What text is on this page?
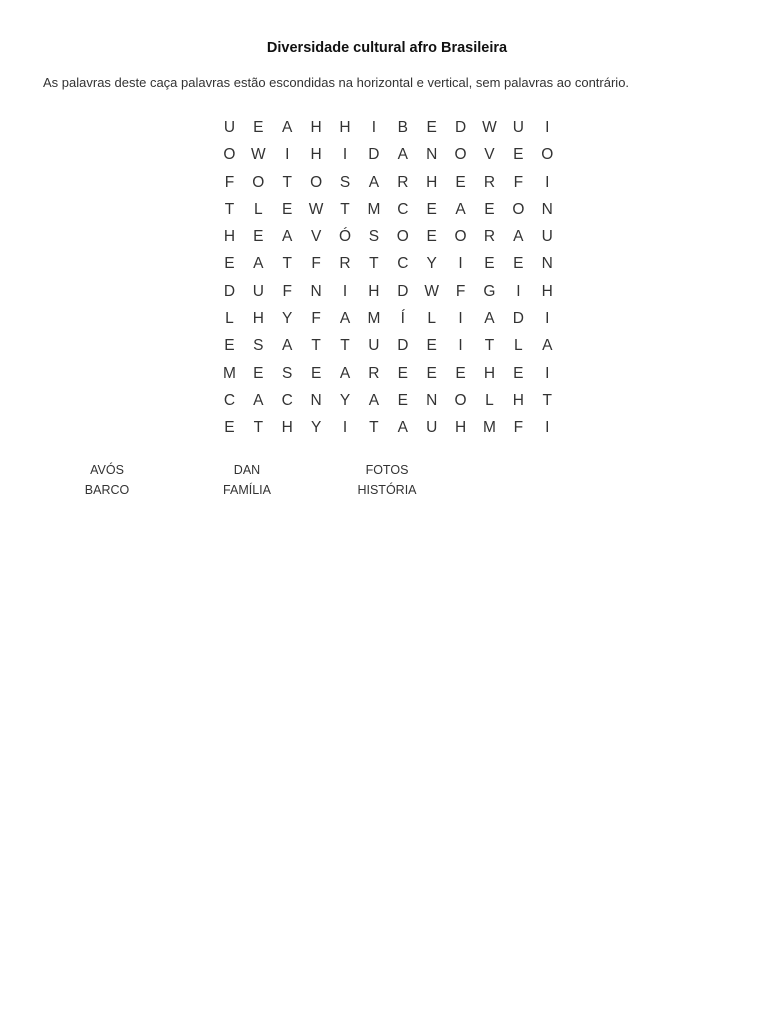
Diversidade cultural afro Brasileira
As palavras deste caça palavras estão escondidas na horizontal e vertical, sem palavras ao contrário.
U	E	A	H	H	I	B	E	D	W	U	I
O	W	I	H	I	D	A	N	O	V	E	O
F	O	T	O	S	A	R	H	E	R	F	I
T	L	E	W	T	M	C	E	A	E	O	N
H	E	A	V	Ó	S	O	E	O	R	A	U
E	A	T	F	R	T	C	Y	I	E	E	N
D	U	F	N	I	H	D	W	F	G	I	H
L	H	Y	F	A	M	Í	L	I	A	D	I
E	S	A	T	T	U	D	E	I	T	L	A
M	E	S	E	A	R	E	E	E	H	E	I
C	A	C	N	Y	A	E	N	O	L	H	T
E	T	H	Y	I	T	A	U	H	M	F	I
AVÓS	DAN	FOTOS
BARCO	FAMÍLIA	HISTÓRIA
